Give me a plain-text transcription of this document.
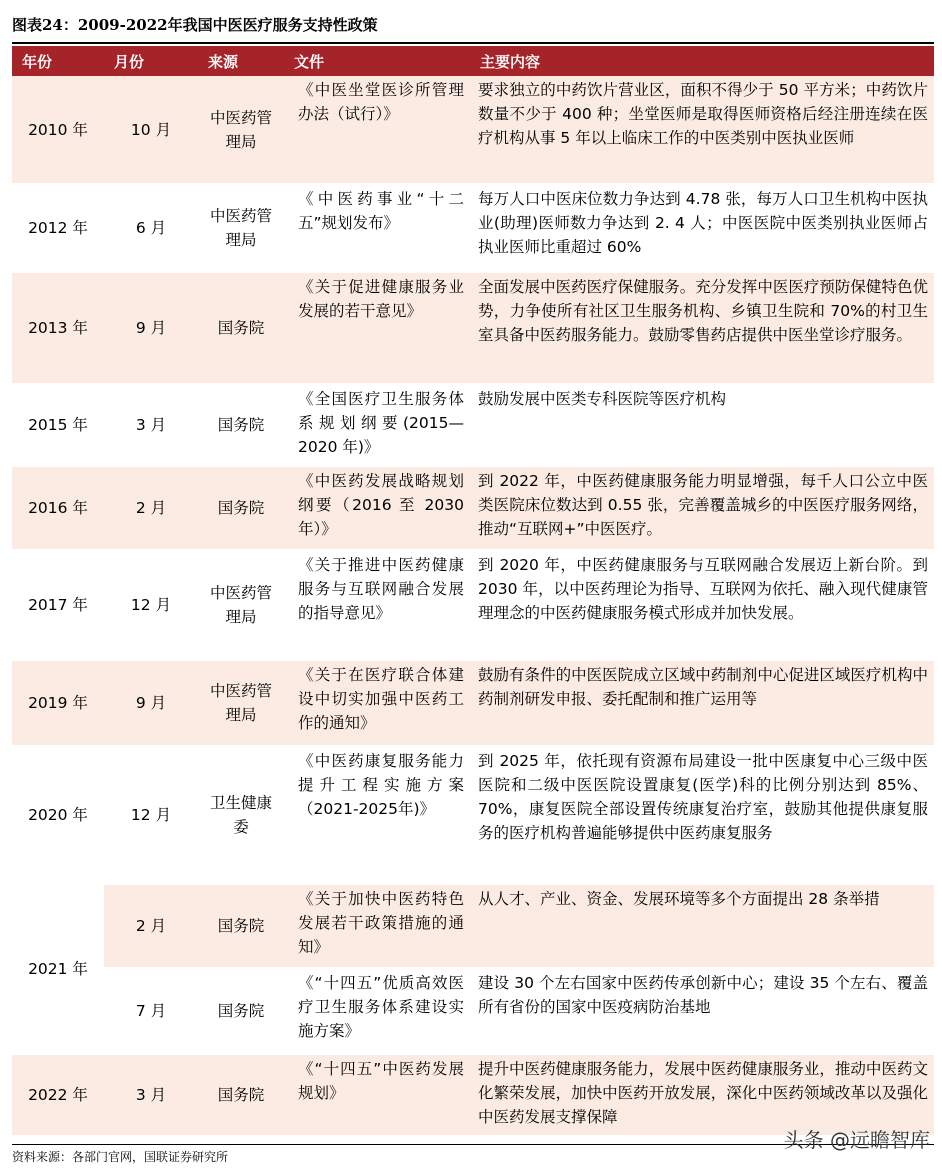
图表24：2009-2022年我国中医医疗服务支持性政策
年份	月份	来源	文件	主要内容
2010 年	10 月	中医药管理局	《中医坐堂医诊所管理办法（试行）》	要求独立的中药饮片营业区，面积不得少于 50 平方米；中药饮片数量不少于 400 种；坐堂医师是取得医师资格后经注册连续在医疗机构从事 5 年以上临床工作的中医类别中医执业医师
2012 年	6 月	中医药管理局	《中医药事业“十二五”规划发布》	每万人口中医床位数力争达到 4.78 张，每万人口卫生机构中医执业(助理)医师数力争达到 2. 4 人；中医医院中医类别执业医师占执业医师比重超过 60%
2013 年	9 月	国务院	《关于促进健康服务业发展的若干意见》	全面发展中医药医疗保健服务。充分发挥中医医疗预防保健特色优势，力争使所有社区卫生服务机构、乡镇卫生院和 70%的村卫生室具备中医药服务能力。鼓励零售药店提供中医坐堂诊疗服务。
2015 年	3 月	国务院	《全国医疗卫生服务体系规划纲要(2015—2020 年)》	鼓励发展中医类专科医院等医疗机构
2016 年	2 月	国务院	《中医药发展战略规划纲要（2016 至 2030 年）》	到 2022 年，中医药健康服务能力明显增强，每千人口公立中医类医院床位数达到 0.55 张，完善覆盖城乡的中医医疗服务网络，推动“互联网+”中医医疗。
2017 年	12 月	中医药管理局	《关于推进中医药健康服务与互联网融合发展的指导意见》	到 2020 年，中医药健康服务与互联网融合发展迈上新台阶。到 2030 年，以中医药理论为指导、互联网为依托、融入现代健康管理理念的中医药健康服务模式形成并加快发展。
2019 年	9 月	中医药管理局	《关于在医疗联合体建设中切实加强中医药工作的通知》	鼓励有条件的中医医院成立区域中药制剂中心促进区域医疗机构中药制剂研发申报、委托配制和推广运用等
2020 年	12 月	卫生健康委	《中医药康复服务能力提升工程实施方案（2021-2025年)》	到 2025 年，依托现有资源布局建设一批中医康复中心三级中医医院和二级中医医院设置康复(医学)科的比例分别达到 85%、70%，康复医院全部设置传统康复治疗室，鼓励其他提供康复服务的医疗机构普遍能够提供中医药康复服务
2021 年	2 月	国务院	《关于加快中医药特色发展若干政策措施的通知》	从人才、产业、资金、发展环境等多个方面提出 28 条举措
	7 月	国务院	《“十四五”优质高效医疗卫生服务体系建设实施方案》	建设 30 个左右国家中医药传承创新中心；建设 35 个左右、覆盖所有省份的国家中医疫病防治基地
2022 年	3 月	国务院	《“十四五”中医药发展规划》	提升中医药健康服务能力，发展中医药健康服务业，推动中医药文化繁荣发展，加快中医药开放发展，深化中医药领域改革以及强化中医药发展支撑保障
资料来源：各部门官网，国联证券研究所
头条 @远瞻智库
